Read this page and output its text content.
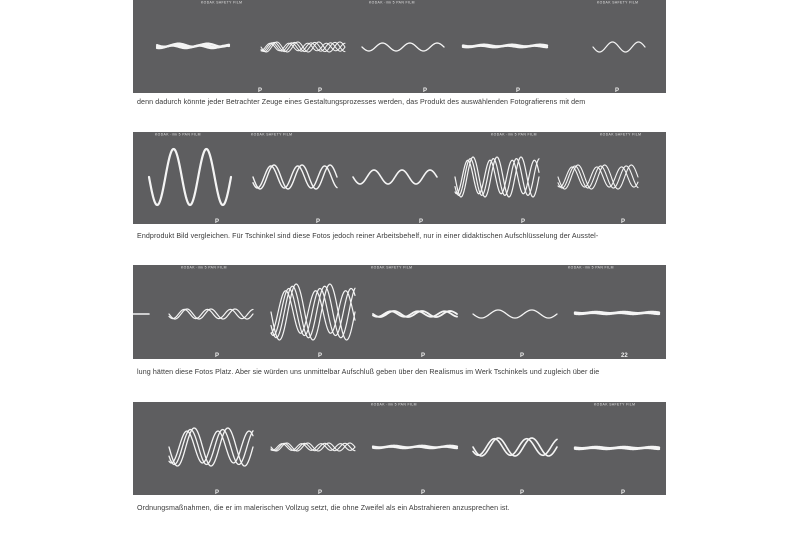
KODAK SAFETY FILM	KODAK ·ilm 5 PAN FILM	KODAK SAFETY FILM
P	P	P	P	P
denn dadurch könnte jeder Betrachter Zeuge eines Gestaltungsprozesses werden, das Produkt des auswählenden Fotografierens mit dem
KODAK ·ilm 5 PAN FILM	KODAK SAFETY FILM	KODAK ·ilm 5 PAN FILM	KODAK SAFETY FILM
P	P	P	P	P
Endprodukt Bild vergleichen. Für Tschinkel sind diese Fotos jedoch reiner Arbeitsbehelf, nur in einer didaktischen Aufschlüsselung der Ausstel-
KODAK ·ilm 5 PAN FILM	KODAK SAFETY FILM	KODAK ·ilm 5 PAN FILM
P	P	P	P	22
lung hätten diese Fotos Platz. Aber sie würden uns unmittelbar Aufschluß geben über den Realismus im Werk Tschinkels und zugleich über die
KODAK ·ilm 5 PAN FILM	KODAK SAFETY FILM
P	P	P	P	P
Ordnungsmaßnahmen, die er im malerischen Vollzug setzt, die ohne Zweifel als ein Abstrahieren anzusprechen ist.
